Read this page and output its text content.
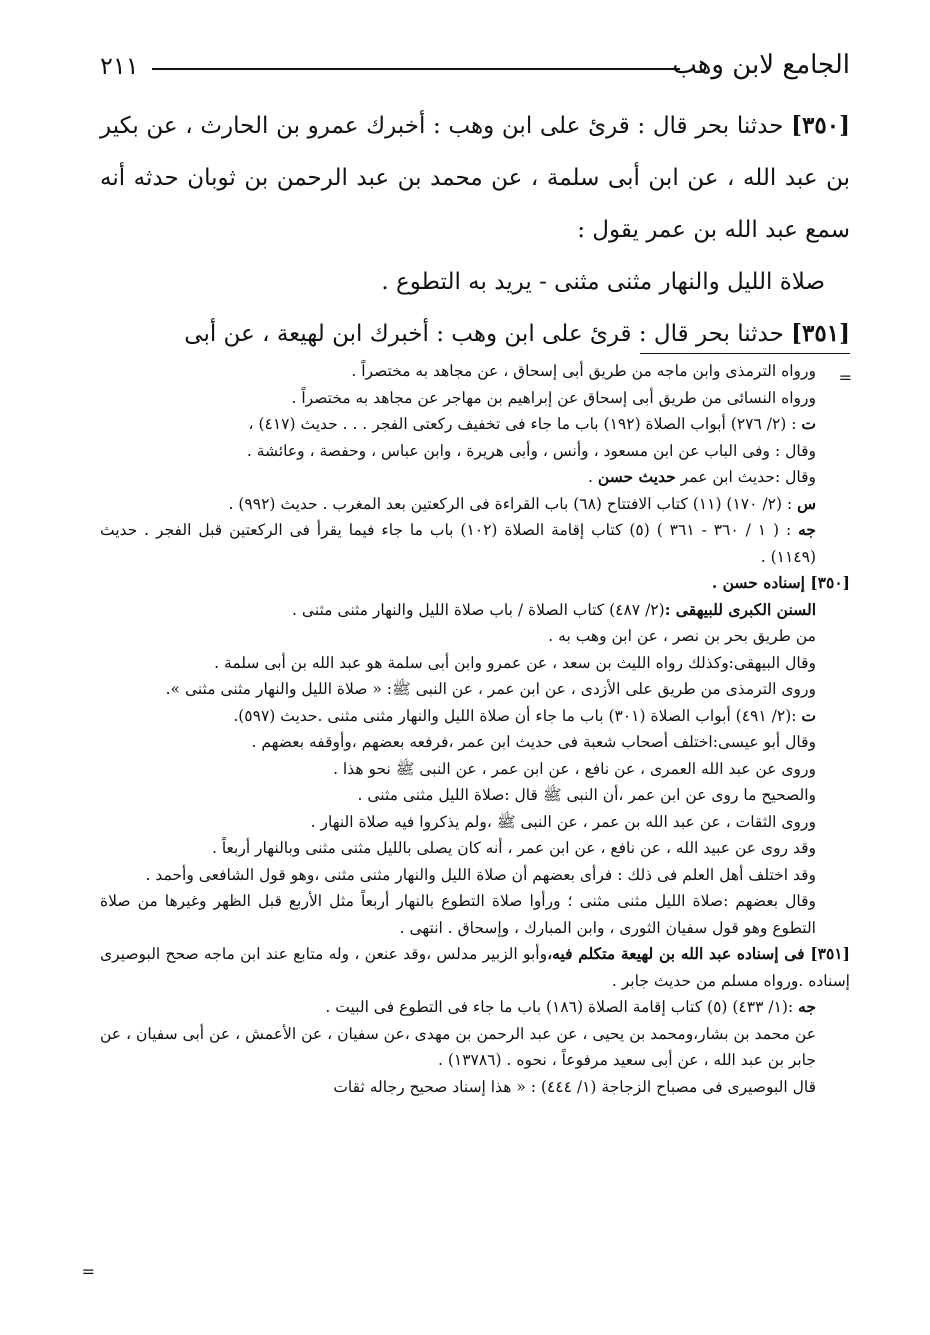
الجامع لابن وهب
٢١١

[٣٥٠] حدثنا بحر قال : قرئ على ابن وهب : أخبرك عمرو بن الحارث ، عن بكير بن عبد الله ، عن ابن أبى سلمة ، عن محمد بن عبد الرحمن بن ثوبان حدثه أنه سمع عبد الله بن عمر يقول :

صلاة الليل والنهار مثنى مثنى - يريد به التطوع .

[٣٥١] حدثنا بحر قال : قرئ على ابن وهب : أخبرك ابن لهيعة ، عن أبى

=

ورواه الترمذى وابن ماجه من طريق أبى إسحاق ، عن مجاهد به مختصراً .

ورواه النسائى من طريق أبى إسحاق عن إبراهيم بن مهاجر عن مجاهد به مختصراً .

ت : (٢/ ٢٧٦) أبواب الصلاة (١٩٢) باب ما جاء فى تخفيف ركعتى الفجر . . . حديث (٤١٧) ،

وقال : وفى الباب عن ابن مسعود ، وأنس ، وأبى هريرة ، وابن عباس ، وحفصة ، وعائشة .

وقال :حديث ابن عمر حديث حسن .

س : (٢/ ١٧٠) (١١) كتاب الافتتاح (٦٨) باب القراءة فى الركعتين بعد المغرب . حديث (٩٩٢) .

جه : ( ١ / ٣٦٠ - ٣٦١ ) (٥) كتاب إقامة الصلاة (١٠٢) باب ما جاء فيما يقرأ فى الركعتين قبل الفجر . حديث (١١٤٩) .

[٣٥٠] إسناده حسن .

السنن الكبرى للبيهقى :(٢/ ٤٨٧) كتاب الصلاة / باب صلاة الليل والنهار مثنى مثنى .

من طريق بحر بن نصر ، عن ابن وهب به .

وقال البيهقى:وكذلك رواه الليث بن سعد ، عن عمرو وابن أبى سلمة هو عبد الله بن أبى سلمة .

وروى الترمذى من طريق على الأزدى ، عن ابن عمر ، عن النبى ﷺ: « صلاة الليل والنهار مثنى مثنى ».

ت :(٢/ ٤٩١) أبواب الصلاة (٣٠١) باب ما جاء أن صلاة الليل والنهار مثنى مثنى .حديث (٥٩٧).

وقال أبو عيسى:اختلف أصحاب شعبة فى حديث ابن عمر ،فرفعه بعضهم ،وأوقفه بعضهم .

وروى عن عبد الله العمرى ، عن نافع ، عن ابن عمر ، عن النبى ﷺ نحو هذا .

والصحيح ما روى عن ابن عمر ،أن النبى ﷺ قال :صلاة الليل مثنى مثنى .

وروى الثقات ، عن عبد الله بن عمر ، عن النبى ﷺ ،ولم يذكروا فيه صلاة النهار .

وقد روى عن عبيد الله ، عن نافع ، عن ابن عمر ، أنه كان يصلى بالليل مثنى مثنى وبالنهار أربعاً .

وقد اختلف أهل العلم فى ذلك : فرأى بعضهم أن صلاة الليل والنهار مثنى مثنى ،وهو قول الشافعى وأحمد .

وقال بعضهم :صلاة الليل مثنى مثنى ؛ ورأوا صلاة التطوع بالنهار أربعاً مثل الأربع قبل الظهر وغيرها من صلاة التطوع وهو قول سفيان الثورى ، وابن المبارك ، وإسحاق . انتهى .

[٣٥١] فى إسناده عبد الله بن لهيعة متكلم فيه،وأبو الزبير مدلس ،وقد عنعن ، وله متابع عند ابن ماجه صحح البوصيرى إسناده .ورواه مسلم من حديث جابر .

جه :(١/ ٤٣٣) (٥) كتاب إقامة الصلاة (١٨٦) باب ما جاء فى التطوع فى البيت .

عن محمد بن بشار،ومحمد بن يحيى ، عن عبد الرحمن بن مهدى ،عن سفيان ، عن الأعمش ، عن أبى سفيان ، عن جابر بن عبد الله ، عن أبى سعيد مرفوعاً ، نحوه . (١٣٧٨٦) .

قال البوصيرى فى مصباح الزجاجة (١/ ٤٤٤) : « هذا إسناد صحيح رجاله ثقات

=
